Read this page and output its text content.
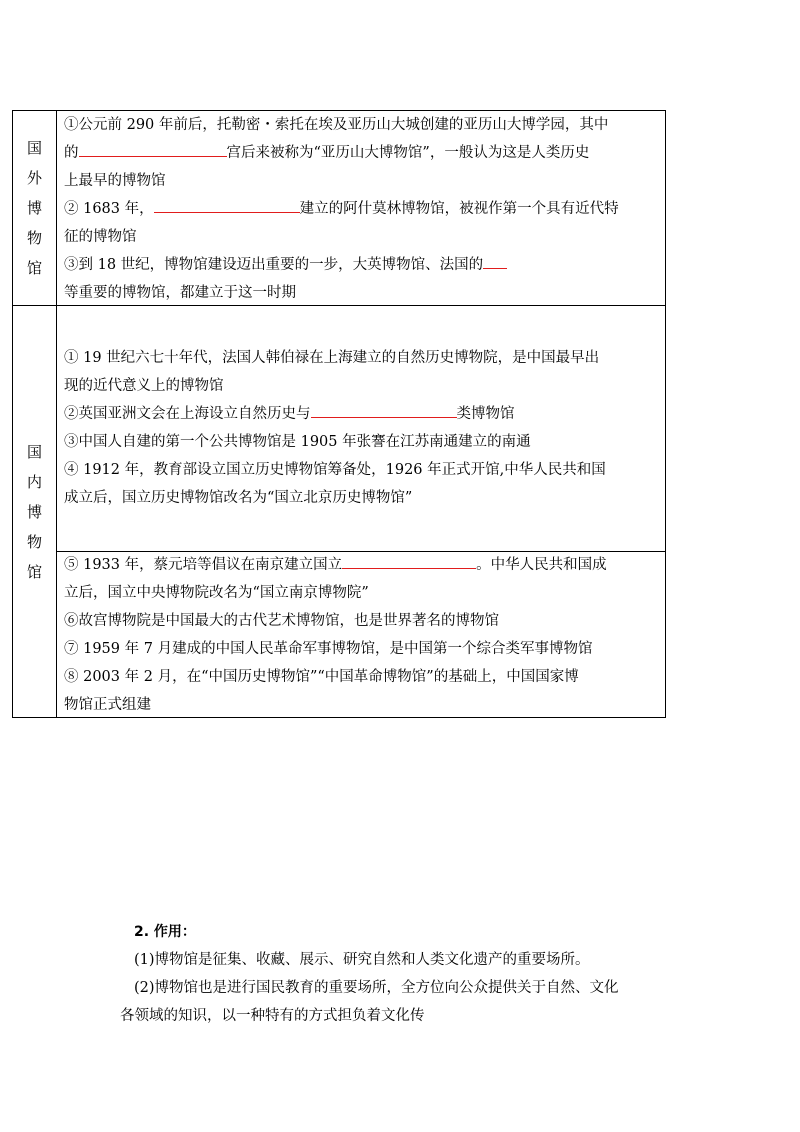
国外博物馆
①公元前 290 年前后，托勒密・索托在埃及亚历山大城创建的亚历山大博学园，其中
的	宫后来被称为“亚历山大博物馆”，一般认为这是人类历史
上最早的博物馆
② 1683 年，	建立的阿什莫林博物馆，被视作第一个具有近代特
征的博物馆
③到 18 世纪，博物馆建设迈出重要的一步，大英博物馆、法国的
等重要的博物馆，都建立于这一时期
国内博物馆
① 19 世纪六七十年代，法国人韩伯禄在上海建立的自然历史博物院，是中国最早出
现的近代意义上的博物馆
②英国亚洲文会在上海设立自然历史与	类博物馆
③中国人自建的第一个公共博物馆是 1905 年张謇在江苏南通建立的南通
④ 1912 年，教育部设立国立历史博物馆筹备处，1926 年正式开馆,中华人民共和国
成立后，国立历史博物馆改名为“国立北京历史博物馆”
⑤ 1933 年，蔡元培等倡议在南京建立国立	。中华人民共和国成
立后，国立中央博物院改名为“国立南京博物院”
⑥故宫博物院是中国最大的古代艺术博物馆，也是世界著名的博物馆
⑦ 1959 年 7 月建成的中国人民革命军事博物馆，是中国第一个综合类军事博物馆
⑧ 2003 年 2 月，在“中国历史博物馆”“中国革命博物馆”的基础上，中国国家博
物馆正式组建
2. 作用：
(1)博物馆是征集、收藏、展示、研究自然和人类文化遗产的重要场所。
(2)博物馆也是进行国民教育的重要场所，全方位向公众提供关于自然、文化
各领域的知识，以一种特有的方式担负着文化传
